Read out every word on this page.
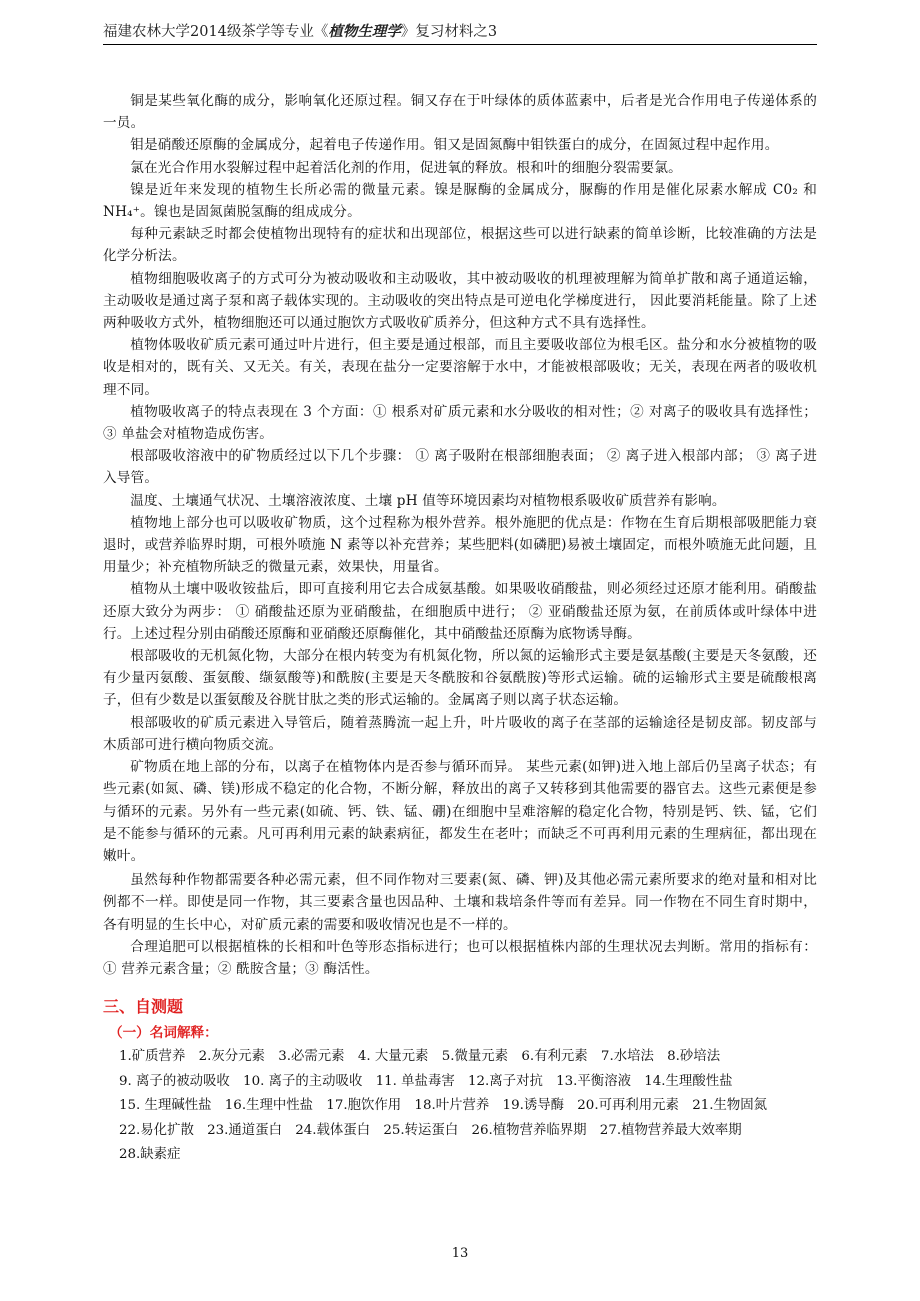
福建农林大学2014级茶学等专业《植物生理学》复习材料之3

铜是某些氧化酶的成分，影响氧化还原过程。铜又存在于叶绿体的质体蓝素中，后者是光合作用电子传递体系的一员。

钼是硝酸还原酶的金属成分，起着电子传递作用。钼又是固氮酶中钼铁蛋白的成分，在固氮过程中起作用。

氯在光合作用水裂解过程中起着活化剂的作用，促进氧的释放。根和叶的细胞分裂需要氯。

镍是近年来发现的植物生长所必需的微量元素。镍是脲酶的金属成分，脲酶的作用是催化尿素水解成 C0₂ 和 NH₄⁺。镍也是固氮菌脱氢酶的组成成分。

每种元素缺乏时都会使植物出现特有的症状和出现部位，根据这些可以进行缺素的简单诊断，比较准确的方法是化学分析法。

植物细胞吸收离子的方式可分为被动吸收和主动吸收，其中被动吸收的机理被理解为简单扩散和离子通道运输，主动吸收是通过离子泵和离子载体实现的。主动吸收的突出特点是可逆电化学梯度进行， 因此要消耗能量。除了上述两种吸收方式外，植物细胞还可以通过胞饮方式吸收矿质养分，但这种方式不具有选择性。

植物体吸收矿质元素可通过叶片进行，但主要是通过根部，而且主要吸收部位为根毛区。盐分和水分被植物的吸收是相对的，既有关、又无关。有关，表现在盐分一定要溶解于水中，才能被根部吸收；无关，表现在两者的吸收机理不同。

植物吸收离子的特点表现在 3 个方面：① 根系对矿质元素和水分吸收的相对性；② 对离子的吸收具有选择性；③ 单盐会对植物造成伤害。

根部吸收溶液中的矿物质经过以下几个步骤： ① 离子吸附在根部细胞表面； ② 离子进入根部内部； ③ 离子进入导管。

温度、土壤通气状况、土壤溶液浓度、土壤 pH 值等环境因素均对植物根系吸收矿质营养有影响。

植物地上部分也可以吸收矿物质，这个过程称为根外营养。根外施肥的优点是：作物在生育后期根部吸肥能力衰退时，或营养临界时期，可根外喷施 N 素等以补充营养；某些肥料(如磷肥)易被土壤固定，而根外喷施无此问题，且用量少；补充植物所缺乏的微量元素，效果快，用量省。

植物从土壤中吸收铵盐后，即可直接利用它去合成氨基酸。如果吸收硝酸盐，则必须经过还原才能利用。硝酸盐还原大致分为两步： ① 硝酸盐还原为亚硝酸盐，在细胞质中进行； ② 亚硝酸盐还原为氨，在前质体或叶绿体中进行。上述过程分别由硝酸还原酶和亚硝酸还原酶催化，其中硝酸盐还原酶为底物诱导酶。

根部吸收的无机氮化物，大部分在根内转变为有机氮化物，所以氮的运输形式主要是氨基酸(主要是天冬氨酸，还有少量丙氨酸、蛋氨酸、缬氨酸等)和酰胺(主要是天冬酰胺和谷氨酰胺)等形式运输。硫的运输形式主要是硫酸根离子，但有少数是以蛋氨酸及谷胱甘肽之类的形式运输的。金属离子则以离子状态运输。

根部吸收的矿质元素进入导管后，随着蒸腾流一起上升，叶片吸收的离子在茎部的运输途径是韧皮部。韧皮部与木质部可进行横向物质交流。

矿物质在地上部的分布，以离子在植物体内是否参与循环而异。 某些元素(如钾)进入地上部后仍呈离子状态；有些元素(如氮、磷、镁)形成不稳定的化合物，不断分解，释放出的离子又转移到其他需要的器官去。这些元素便是参与循环的元素。另外有一些元素(如硫、钙、铁、锰、硼)在细胞中呈难溶解的稳定化合物，特别是钙、铁、锰，它们是不能参与循环的元素。凡可再利用元素的缺素病征，都发生在老叶；而缺乏不可再利用元素的生理病征，都出现在嫩叶。

虽然每种作物都需要各种必需元素，但不同作物对三要素(氮、磷、钾)及其他必需元素所要求的绝对量和相对比例都不一样。即使是同一作物，其三要素含量也因品种、土壤和栽培条件等而有差异。同一作物在不同生育时期中，各有明显的生长中心，对矿质元素的需要和吸收情况也是不一样的。

合理追肥可以根据植株的长相和叶色等形态指标进行；也可以根据植株内部的生理状况去判断。常用的指标有：① 营养元素含量；② 酰胺含量；③ 酶活性。

三、自测题
（一）名词解释：
1.矿质营养 2.灰分元素 3.必需元素 4. 大量元素 5.微量元素 6.有利元素 7.水培法 8.砂培法
9. 离子的被动吸收 10. 离子的主动吸收 11. 单盐毒害 12.离子对抗 13.平衡溶液 14.生理酸性盐
15. 生理碱性盐 16.生理中性盐 17.胞饮作用 18.叶片营养 19.诱导酶 20.可再利用元素 21.生物固氮
22.易化扩散 23.通道蛋白 24.载体蛋白 25.转运蛋白 26.植物营养临界期 27.植物营养最大效率期
28.缺素症
13
